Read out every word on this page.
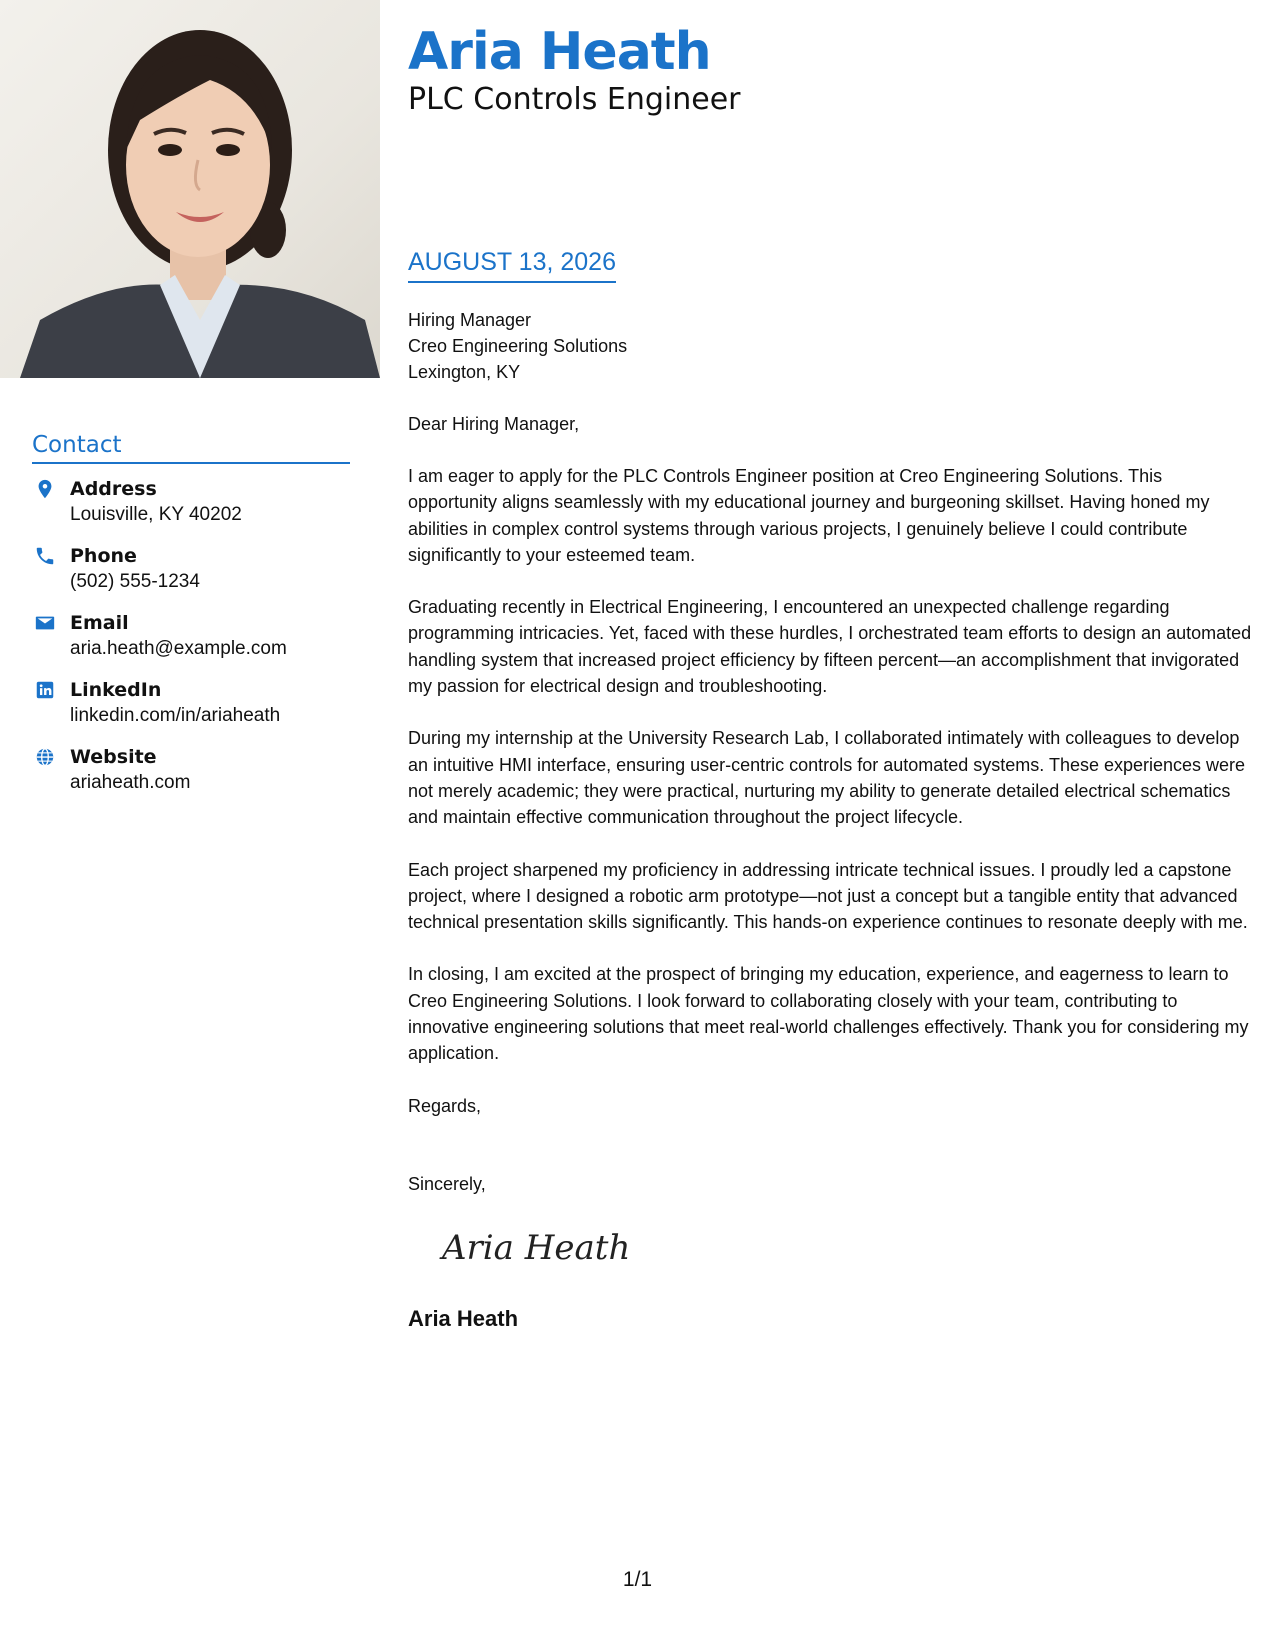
Contact
Address
Louisville, KY 40202
Phone
(502) 555-1234
Email
aria.heath@example.com
LinkedIn
linkedin.com/in/ariaheath
Website
ariaheath.com
Aria Heath
PLC Controls Engineer
AUGUST 13, 2026
Hiring Manager
Creo Engineering Solutions
Lexington, KY
Dear Hiring Manager,

I am eager to apply for the PLC Controls Engineer position at Creo Engineering Solutions. This opportunity aligns seamlessly with my educational journey and burgeoning skillset. Having honed my abilities in complex control systems through various projects, I genuinely believe I could contribute significantly to your esteemed team.

Graduating recently in Electrical Engineering, I encountered an unexpected challenge regarding programming intricacies. Yet, faced with these hurdles, I orchestrated team efforts to design an automated handling system that increased project efficiency by fifteen percent—an accomplishment that invigorated my passion for electrical design and troubleshooting.

During my internship at the University Research Lab, I collaborated intimately with colleagues to develop an intuitive HMI interface, ensuring user-centric controls for automated systems. These experiences were not merely academic; they were practical, nurturing my ability to generate detailed electrical schematics and maintain effective communication throughout the project lifecycle.

Each project sharpened my proficiency in addressing intricate technical issues. I proudly led a capstone project, where I designed a robotic arm prototype—not just a concept but a tangible entity that advanced technical presentation skills significantly. This hands-on experience continues to resonate deeply with me.

In closing, I am excited at the prospect of bringing my education, experience, and eagerness to learn to Creo Engineering Solutions. I look forward to collaborating closely with your team, contributing to innovative engineering solutions that meet real-world challenges effectively. Thank you for considering my application.

Regards,
Sincerely,
Aria Heath
Aria Heath
1/1
